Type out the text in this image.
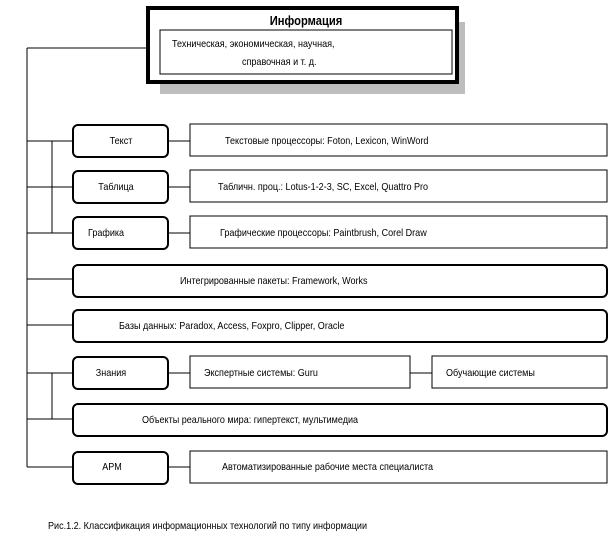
Информация
Техническая, экономическая, научная,
справочная и т. д.
Текст	Текстовые процессоры: Foton, Lexicon, WinWord
Таблица	Табличн. проц.: Lotus-1-2-3, SC, Excel, Quattro Pro
Графика	Графические процессоры: Paintbrush, Corel Draw
Интегрированные пакеты: Framework, Works
Базы данных: Paradox, Access, Foxpro, Clipper, Oracle
Знания	Экспертные системы: Guru	Обучающие системы
Объекты реального мира: гипертекст, мультимедиа
АРМ	Автоматизированные рабочие места специалиста
Рис.1.2. Классификация информационных технологий по типу информации
